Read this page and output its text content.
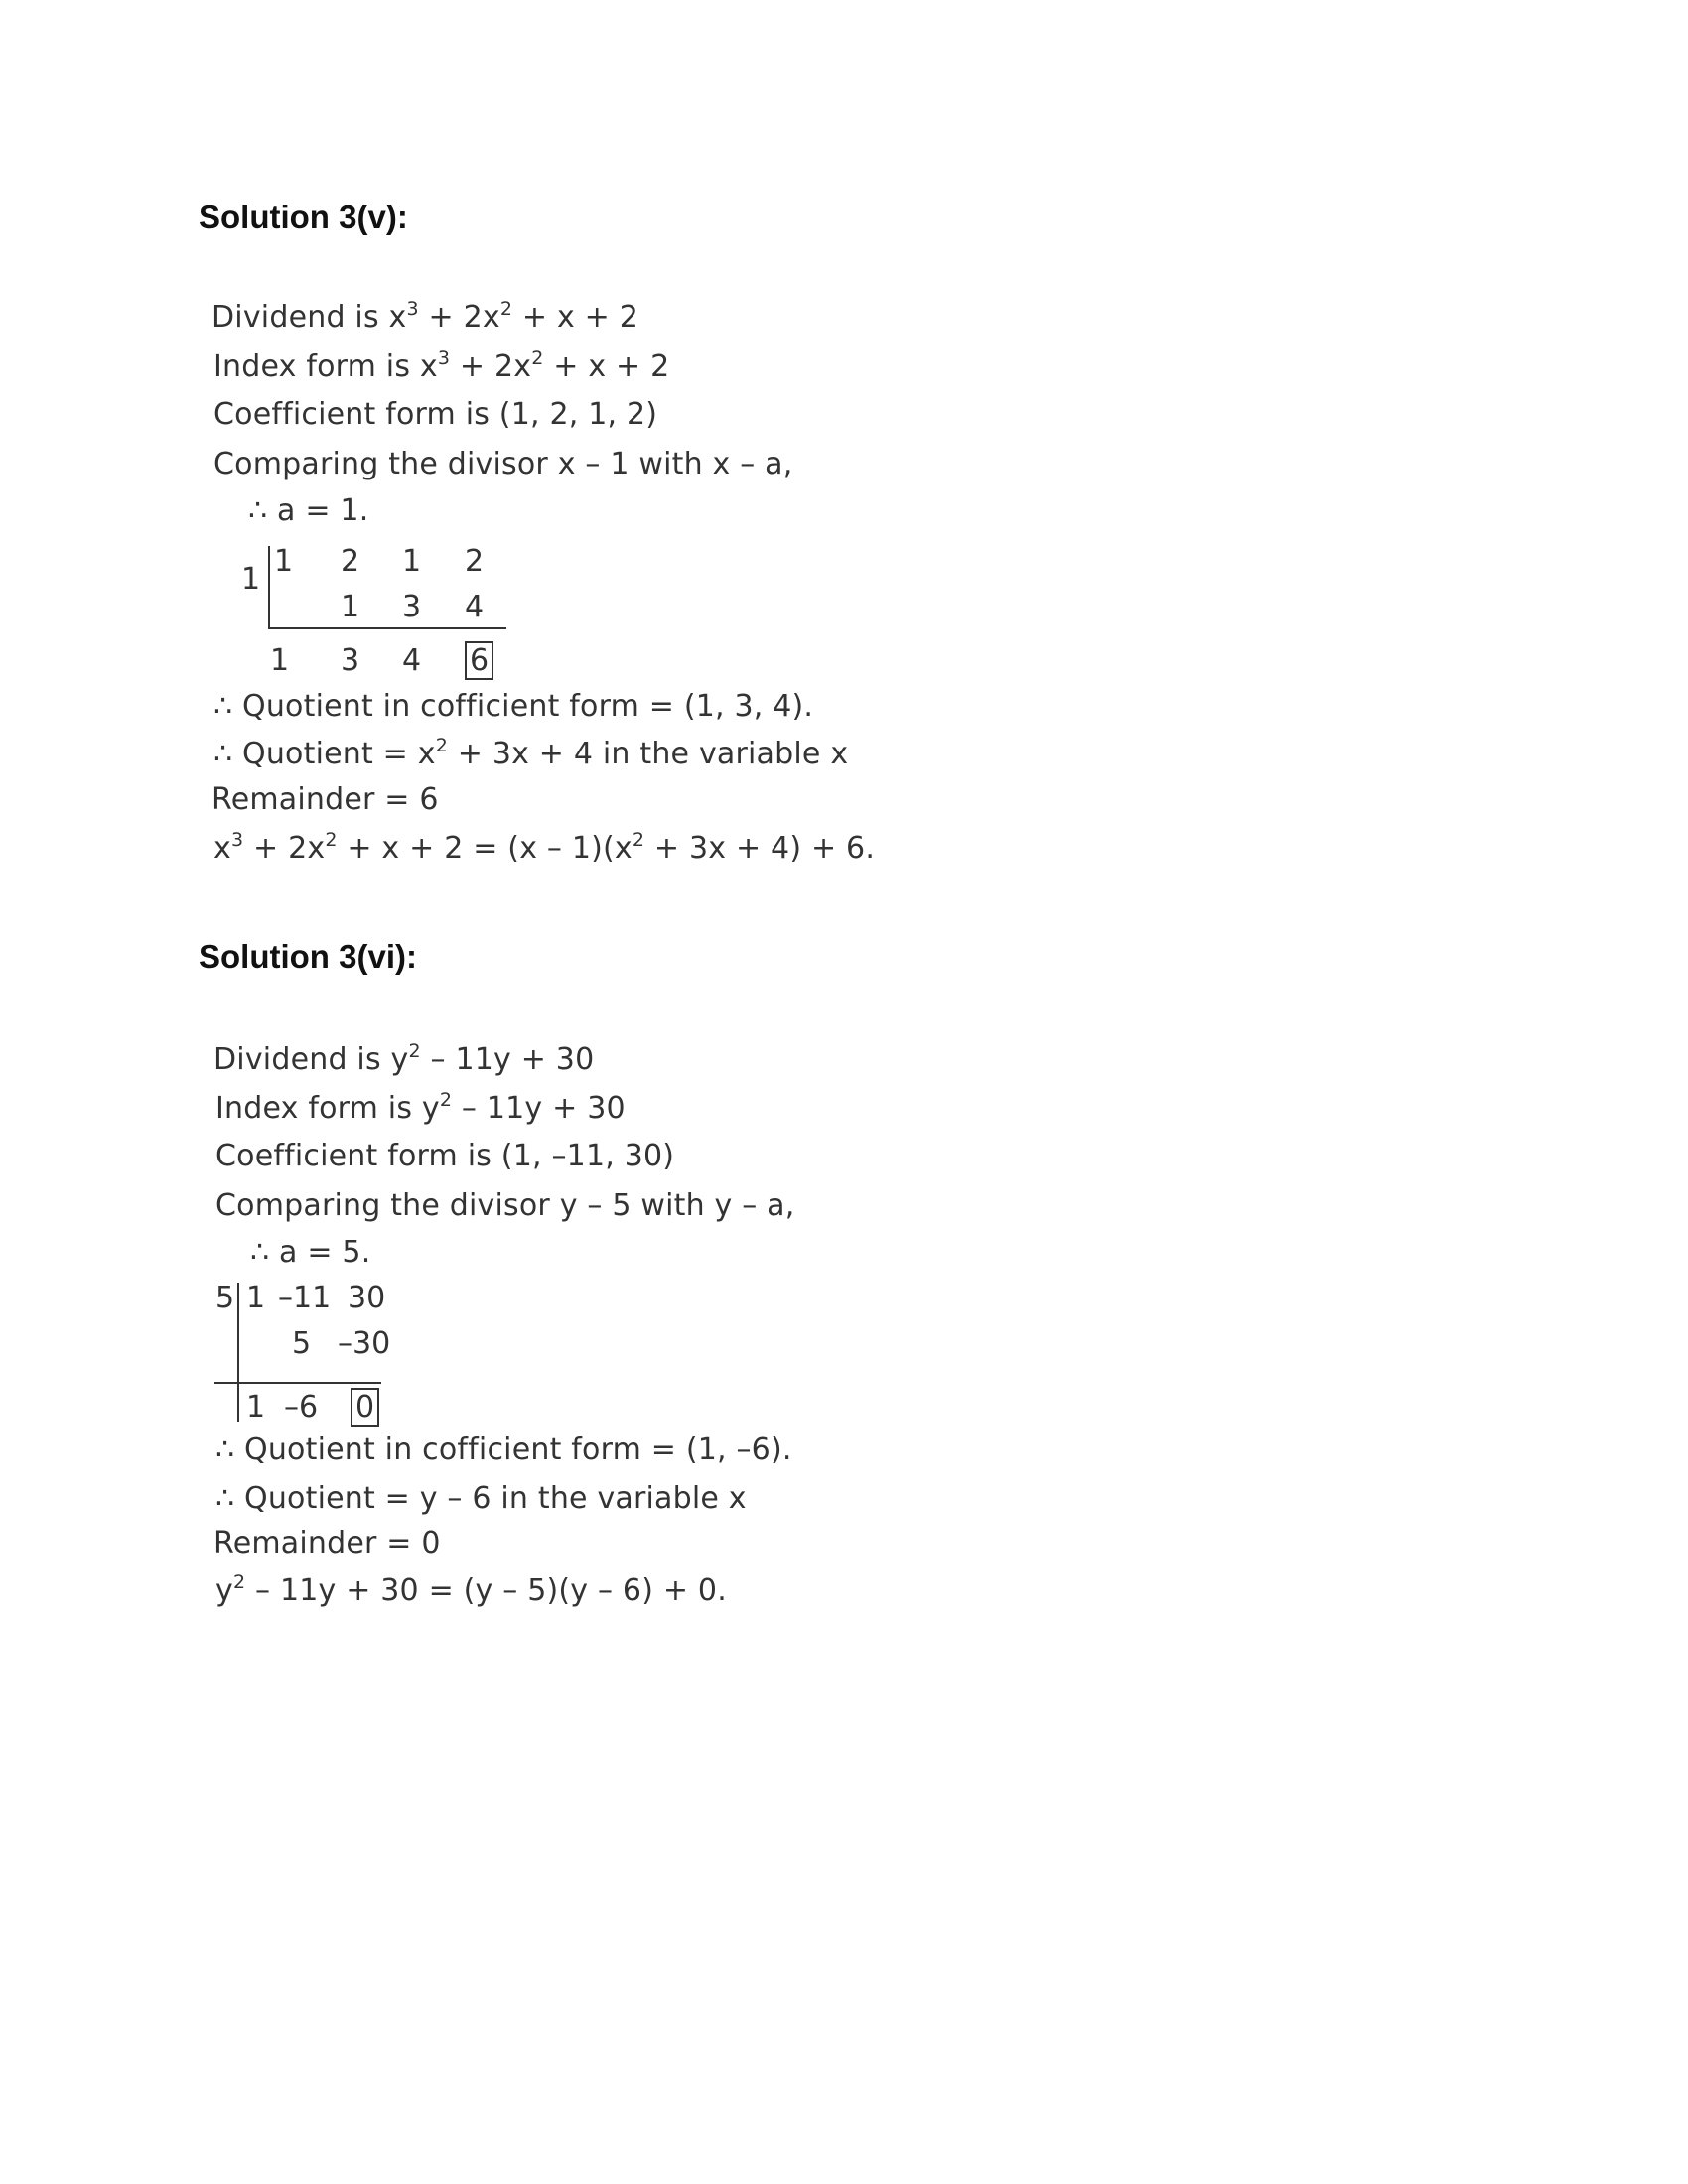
Solution 3(v):
Dividend is $x^3 + 2x^2 + x + 2$
Index form is $x^3 + 2x^2 + x + 2$
Coefficient form is (1, 2, 1, 2)
Comparing the divisor x – 1 with x – a,
∴ a = 1.
1
1 2 1 2
1 3 4
1 3 4 6
∴ Quotient in cofficient form = (1, 3, 4).
∴ Quotient = $x^2 + 3x + 4$ in the variable x
Remainder = 6
$x^3 + 2x^2 + x + 2 = (x - 1)(x^2 + 3x + 4) + 6$.
Solution 3(vi):
Dividend is $y^2 - 11y + 30$
Index form is $y^2 - 11y + 30$
Coefficient form is (1, –11, 30)
Comparing the divisor y – 5 with y – a,
∴ a = 5.
5 1 –11 30
5 –30
1 –6 0
∴ Quotient in cofficient form = (1, –6).
∴ Quotient = y – 6 in the variable x
Remainder = 0
$y^2 - 11y + 30 = (y - 5)(y - 6) + 0$.
